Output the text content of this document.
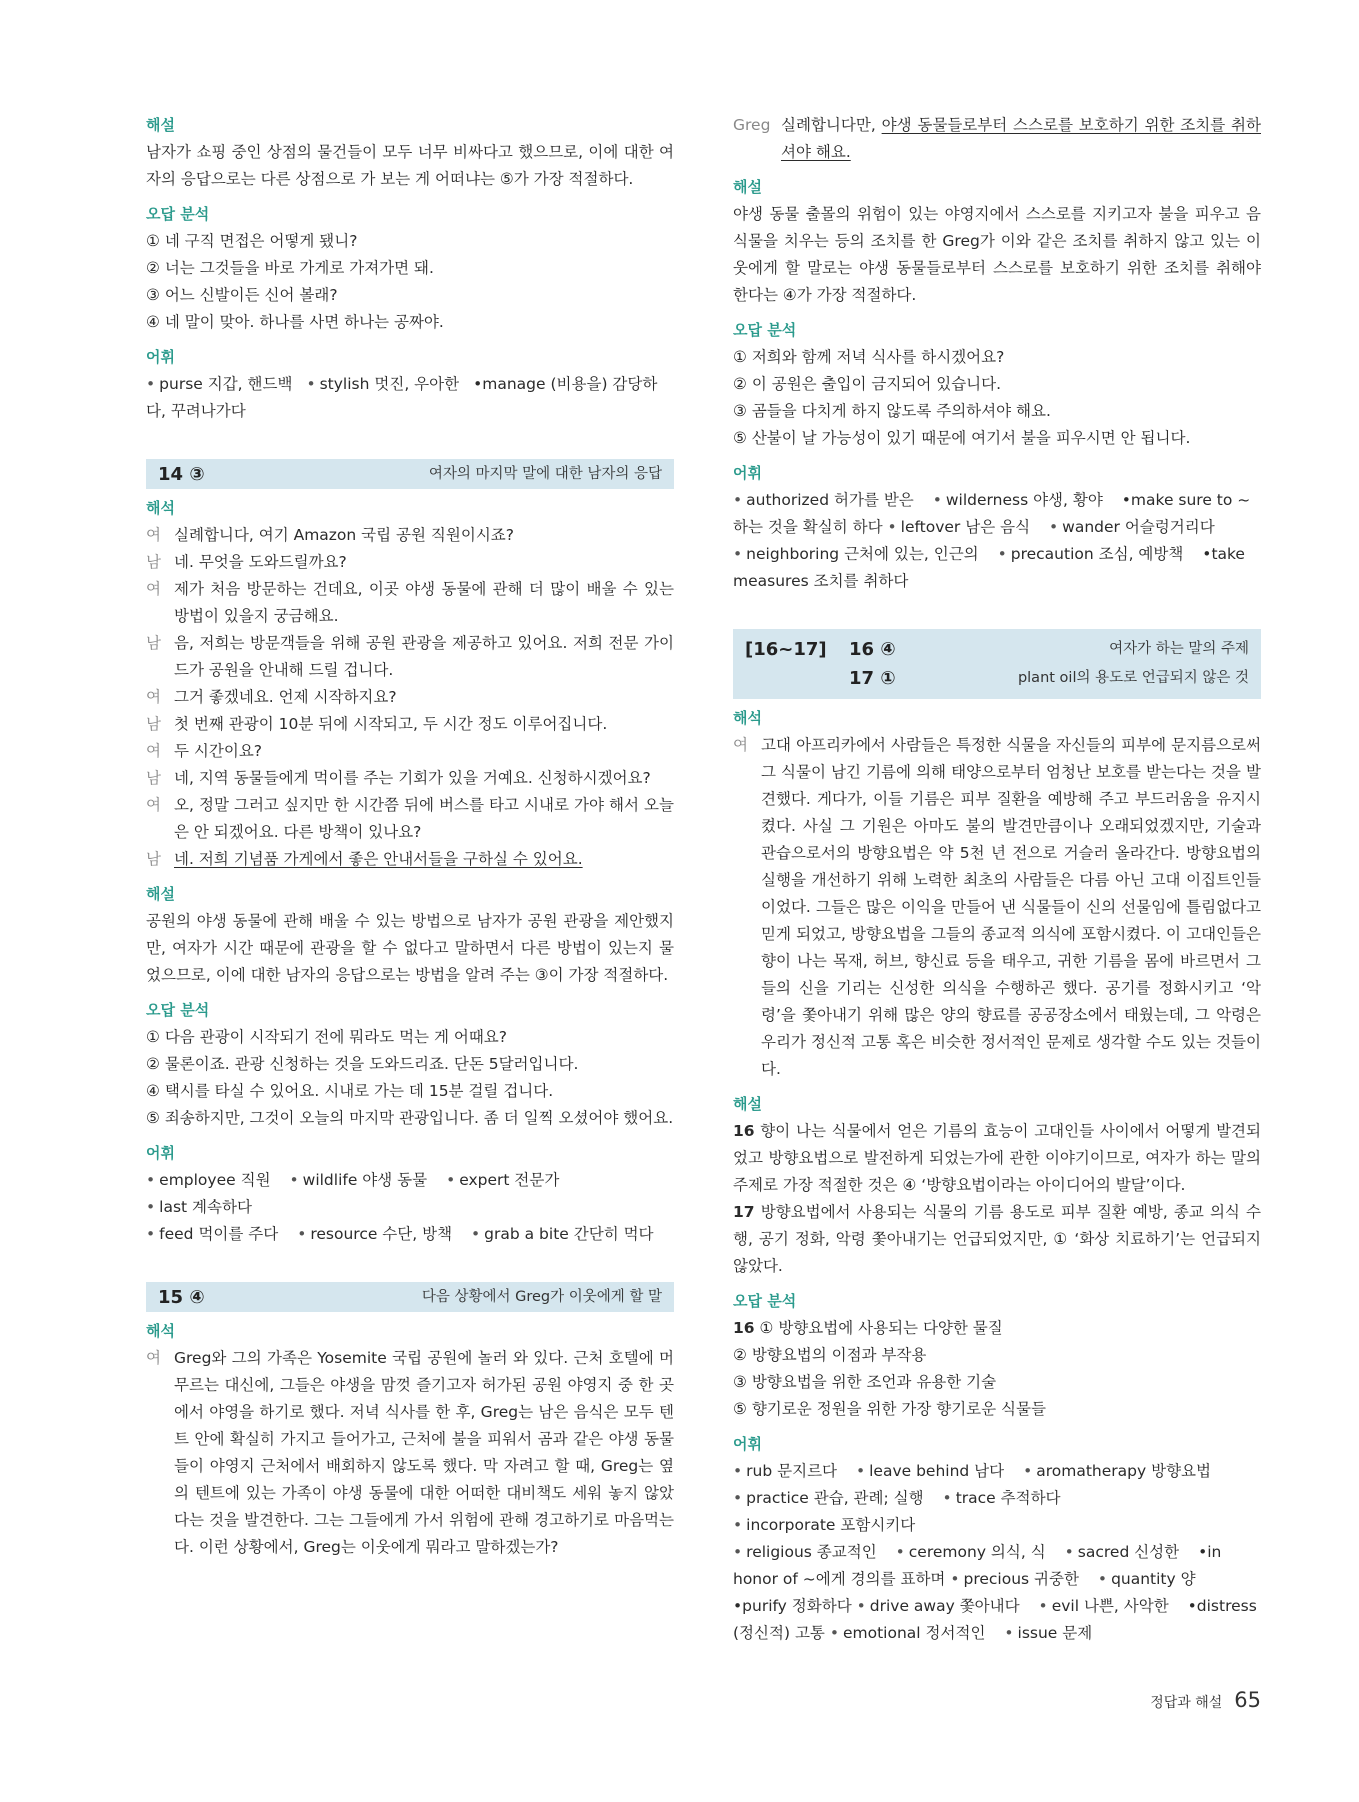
해설

남자가 쇼핑 중인 상점의 물건들이 모두 너무 비싸다고 했으므로, 이에 대한 여자의 응답으로는 다른 상점으로 가 보는 게 어떠냐는 ⑤가 가장 적절하다.

오답 분석

① 네 구직 면접은 어떻게 됐니?

② 너는 그것들을 바로 가게로 가져가면 돼.

③ 어느 신발이든 신어 볼래?

④ 네 말이 맞아. 하나를 사면 하나는 공짜야.

어휘

• purse 지갑, 핸드백 • stylish 멋진, 우아한 •manage (비용을) 감당하다, 꾸려나가다

14 ③	여자의 마지막 말에 대한 남자의 응답
해석
여 실례합니다, 여기 Amazon 국립 공원 직원이시죠?
남 네. 무엇을 도와드릴까요?
여 제가 처음 방문하는 건데요, 이곳 야생 동물에 관해 더 많이 배울 수 있는 방법이 있을지 궁금해요.
남 음, 저희는 방문객들을 위해 공원 관광을 제공하고 있어요. 저희 전문 가이드가 공원을 안내해 드릴 겁니다.
여 그거 좋겠네요. 언제 시작하지요?
남 첫 번째 관광이 10분 뒤에 시작되고, 두 시간 정도 이루어집니다.
여 두 시간이요?
남 네, 지역 동물들에게 먹이를 주는 기회가 있을 거예요. 신청하시겠어요?
여 오, 정말 그러고 싶지만 한 시간쯤 뒤에 버스를 타고 시내로 가야 해서 오늘은 안 되겠어요. 다른 방책이 있나요?
남 네. 저희 기념품 가게에서 좋은 안내서들을 구하실 수 있어요.
해설

공원의 야생 동물에 관해 배울 수 있는 방법으로 남자가 공원 관광을 제안했지만, 여자가 시간 때문에 관광을 할 수 없다고 말하면서 다른 방법이 있는지 물었으므로, 이에 대한 남자의 응답으로는 방법을 알려 주는 ③이 가장 적절하다.

오답 분석

① 다음 관광이 시작되기 전에 뭐라도 먹는 게 어때요?

② 물론이죠. 관광 신청하는 것을 도와드리죠. 단돈 5달러입니다.

④ 택시를 타실 수 있어요. 시내로 가는 데 15분 걸릴 겁니다.

⑤ 죄송하지만, 그것이 오늘의 마지막 관광입니다. 좀 더 일찍 오셨어야 했어요.

어휘

• employee 직원 • wildlife 야생 동물 • expert 전문가 • last 계속하다
• feed 먹이를 주다 • resource 수단, 방책 • grab a bite 간단히 먹다

15 ④	다음 상황에서 Greg가 이웃에게 할 말
해석
여 Greg와 그의 가족은 Yosemite 국립 공원에 놀러 와 있다. 근처 호텔에 머무르는 대신에, 그들은 야생을 맘껏 즐기고자 허가된 공원 야영지 중 한 곳에서 야영을 하기로 했다. 저녁 식사를 한 후, Greg는 남은 음식은 모두 텐트 안에 확실히 가지고 들어가고, 근처에 불을 피워서 곰과 같은 야생 동물들이 야영지 근처에서 배회하지 않도록 했다. 막 자려고 할 때, Greg는 옆의 텐트에 있는 가족이 야생 동물에 대한 어떠한 대비책도 세워 놓지 않았다는 것을 발견한다. 그는 그들에게 가서 위험에 관해 경고하기로 마음먹는다. 이런 상황에서, Greg는 이웃에게 뭐라고 말하겠는가?
Greg 실례합니다만, 야생 동물들로부터 스스로를 보호하기 위한 조치를 취하셔야 해요.
해설

야생 동물 출몰의 위험이 있는 야영지에서 스스로를 지키고자 불을 피우고 음식물을 치우는 등의 조치를 한 Greg가 이와 같은 조치를 취하지 않고 있는 이웃에게 할 말로는 야생 동물들로부터 스스로를 보호하기 위한 조치를 취해야 한다는 ④가 가장 적절하다.

오답 분석

① 저희와 함께 저녁 식사를 하시겠어요?

② 이 공원은 출입이 금지되어 있습니다.

③ 곰들을 다치게 하지 않도록 주의하셔야 해요.

⑤ 산불이 날 가능성이 있기 때문에 여기서 불을 피우시면 안 됩니다.

어휘

• authorized 허가를 받은 • wilderness 야생, 황야 •make sure to ~하는 것을 확실히 하다 • leftover 남은 음식 • wander 어슬렁거리다
• neighboring 근처에 있는, 인근의 • precaution 조심, 예방책 •take measures 조치를 취하다

[16~17] 16 ④	여자가 하는 말의 주제
17 ①	plant oil의 용도로 언급되지 않은 것
해석
여 고대 아프리카에서 사람들은 특정한 식물을 자신들의 피부에 문지름으로써 그 식물이 남긴 기름에 의해 태양으로부터 엄청난 보호를 받는다는 것을 발견했다. 게다가, 이들 기름은 피부 질환을 예방해 주고 부드러움을 유지시켰다. 사실 그 기원은 아마도 불의 발견만큼이나 오래되었겠지만, 기술과 관습으로서의 방향요법은 약 5천 년 전으로 거슬러 올라간다. 방향요법의 실행을 개선하기 위해 노력한 최초의 사람들은 다름 아닌 고대 이집트인들이었다. 그들은 많은 이익을 만들어 낸 식물들이 신의 선물임에 틀림없다고 믿게 되었고, 방향요법을 그들의 종교적 의식에 포함시켰다. 이 고대인들은 향이 나는 목재, 허브, 향신료 등을 태우고, 귀한 기름을 몸에 바르면서 그들의 신을 기리는 신성한 의식을 수행하곤 했다. 공기를 정화시키고 ‘악령’을 쫓아내기 위해 많은 양의 향료를 공공장소에서 태웠는데, 그 악령은 우리가 정신적 고통 혹은 비슷한 정서적인 문제로 생각할 수도 있는 것들이다.
해설

16 향이 나는 식물에서 얻은 기름의 효능이 고대인들 사이에서 어떻게 발견되었고 방향요법으로 발전하게 되었는가에 관한 이야기이므로, 여자가 하는 말의 주제로 가장 적절한 것은 ④ ‘방향요법이라는 아이디어의 발달’이다.

17 방향요법에서 사용되는 식물의 기름 용도로 피부 질환 예방, 종교 의식 수행, 공기 정화, 악령 쫓아내기는 언급되었지만, ① ‘화상 치료하기’는 언급되지 않았다.

오답 분석

16 ① 방향요법에 사용되는 다양한 물질

② 방향요법의 이점과 부작용

③ 방향요법을 위한 조언과 유용한 기술

⑤ 향기로운 정원을 위한 가장 향기로운 식물들

어휘

• rub 문지르다 • leave behind 남다 • aromatherapy 방향요법
• practice 관습, 관례; 실행 • trace 추적하다 • incorporate 포함시키다
• religious 종교적인 • ceremony 의식, 식 • sacred 신성한 •in honor of ~에게 경의를 표하며 • precious 귀중한 • quantity 양 •purify 정화하다 • drive away 쫓아내다 • evil 나쁜, 사악한 •distress (정신적) 고통 • emotional 정서적인 • issue 문제

정답과 해설 65
